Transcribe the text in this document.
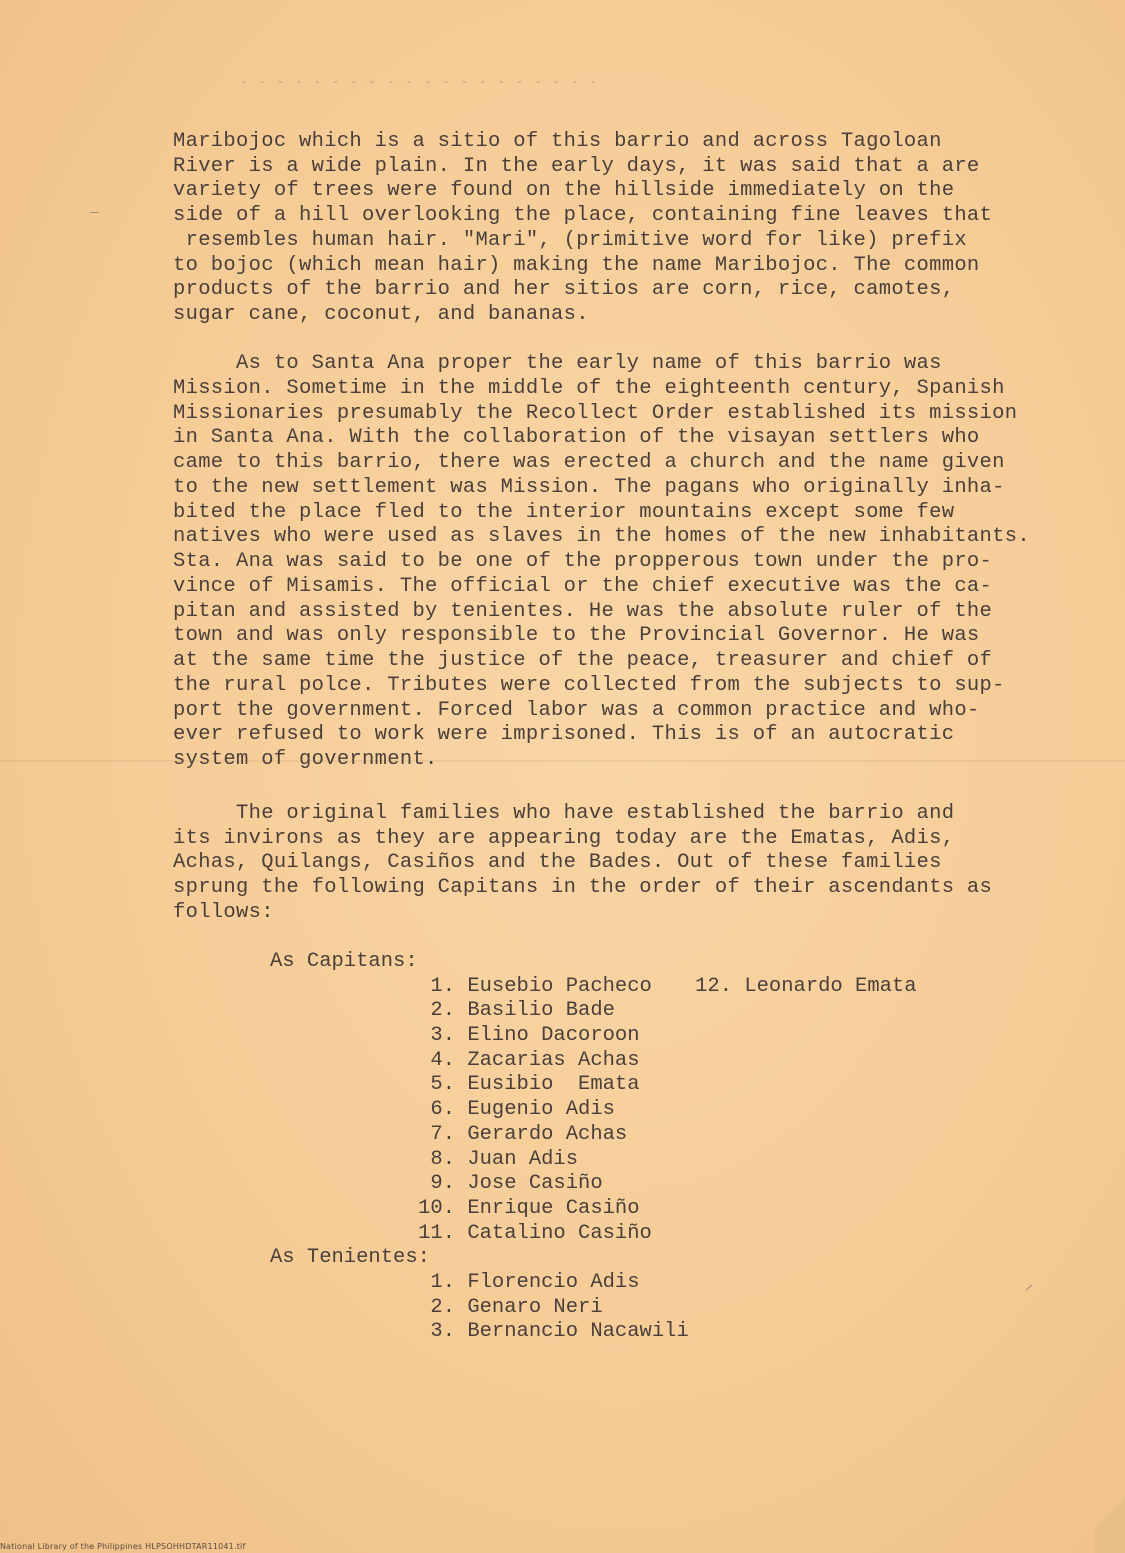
- - - - - - - - - - - - - - - - - - - -
Maribojoc which is a sitio of this barrio and across Tagoloan
River is a wide plain. In the early days, it was said that a are
variety of trees were found on the hillside immediately on the
side of a hill overlooking the place, containing fine leaves that
resembles human hair. "Mari", (primitive word for like) prefix
to bojoc (which mean hair) making the name Maribojoc. The common
products of the barrio and her sitios are corn, rice, camotes,
sugar cane, coconut, and bananas.
As to Santa Ana proper the early name of this barrio was
Mission. Sometime in the middle of the eighteenth century, Spanish
Missionaries presumably the Recollect Order established its mission
in Santa Ana. With the collaboration of the visayan settlers who
came to this barrio, there was erected a church and the name given
to the new settlement was Mission. The pagans who originally inha-
bited the place fled to the interior mountains except some few
natives who were used as slaves in the homes of the new inhabitants.
Sta. Ana was said to be one of the propperous town under the pro-
vince of Misamis. The official or the chief executive was the ca-
pitan and assisted by tenientes. He was the absolute ruler of the
town and was only responsible to the Provincial Governor. He was
at the same time the justice of the peace, treasurer and chief of
the rural polce. Tributes were collected from the subjects to sup-
port the government. Forced labor was a common practice and who-
ever refused to work were imprisoned. This is of an autocratic
system of government.
The original families who have established the barrio and
its invirons as they are appearing today are the Ematas, Adis,
Achas, Quilangs, Casiños and the Bades. Out of these families
sprung the following Capitans in the order of their ascendants as
follows:
As Capitans:
1. Eusebio Pacheco
2. Basilio Bade
3. Elino Dacoroon
4. Zacarias Achas
5. Eusibio  Emata
6. Eugenio Adis
7. Gerardo Achas
8. Juan Adis
9. Jose Casiño
10. Enrique Casiño
11. Catalino Casiño
12. Leonardo Emata
As Tenientes:
1. Florencio Adis
2. Genaro Neri
3. Bernancio Nacawili
—
—
National Library of the Philippines HLPSOHHDTAR11041.tif
